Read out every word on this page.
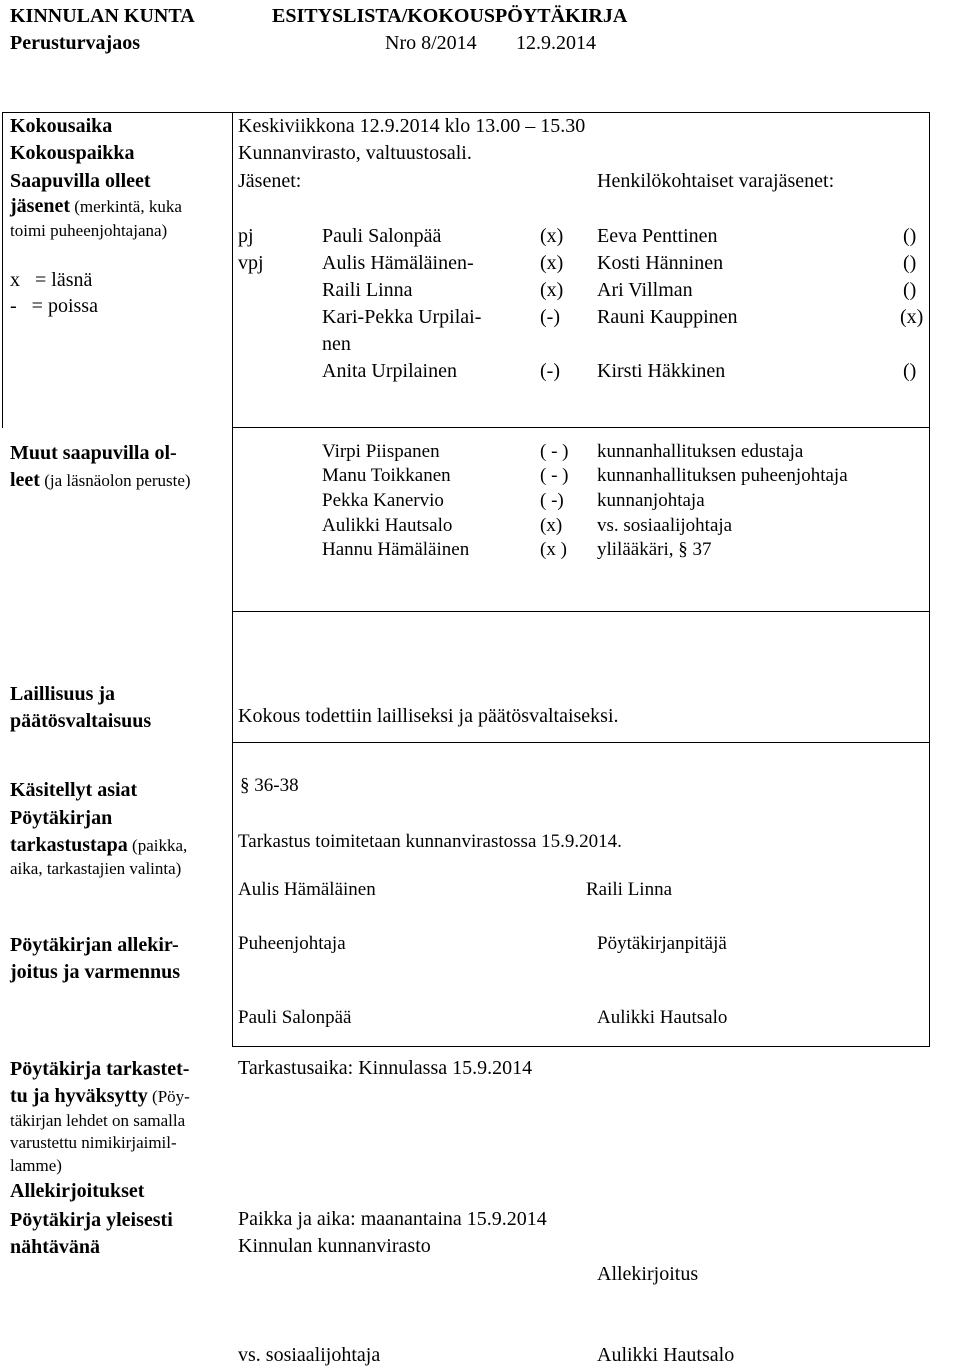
KINNULAN KUNTA	ESITYSLISTA/KOKOUSPÖYTÄKIRJA
Perusturvajaos	Nro 8/2014 12.9.2014
Kokousaika	Keskiviikkona 12.9.2014 klo 13.00 – 15.30
Kokouspaikka	Kunnanvirasto, valtuustosali.
Saapuvilla olleet
jäsenet (merkintä, kuka
toimi puheenjohtajana)
x   = läsnä
-   = poissa
Jäsenet:	Henkilökohtaiset varajäsenet:
pj	Pauli Salonpää	(x) Eeva Penttinen	()
vpj	Aulis Hämäläinen-	(x) Kosti Hänninen	()
Raili Linna	(x) Ari Villman	()
Kari-Pekka Urpilai-	(-) Rauni Kauppinen	(x)
nen
Anita Urpilainen	(-) Kirsti Häkkinen	()
Muut saapuvilla ol-
leet (ja läsnäolon peruste)
Virpi Piispanen	( - ) kunnanhallituksen edustaja
Manu Toikkanen	( - ) kunnanhallituksen puheenjohtaja
Pekka Kanervio	( -) kunnanjohtaja
Aulikki Hautsalo	(x) vs. sosiaalijohtaja
Hannu Hämäläinen	(x ) ylilääkäri, § 37
Laillisuus ja
päätösvaltaisuus	Kokous todettiin lailliseksi ja päätösvaltaiseksi.
Käsitellyt asiat	§ 36-38
Pöytäkirjan
tarkastustapa (paikka,
aika, tarkastajien valinta)
Tarkastus toimitetaan kunnanvirastossa 15.9.2014.
Aulis Hämäläinen	Raili Linna
Pöytäkirjan allekir-
joitus ja varmennus
Puheenjohtaja	Pöytäkirjanpitäjä
Pauli Salonpää	Aulikki Hautsalo
Pöytäkirja tarkastet-
tu ja hyväksytty (Pöy-
täkirjan lehdet on samalla
varustettu nimikirjaimil-
lamme)
Allekirjoitukset
Tarkastusaika: Kinnulassa 15.9.2014
Pöytäkirja yleisesti
nähtävänä
Paikka ja aika: maanantaina 15.9.2014
Kinnulan kunnanvirasto
Allekirjoitus
vs. sosiaalijohtaja	Aulikki Hautsalo
